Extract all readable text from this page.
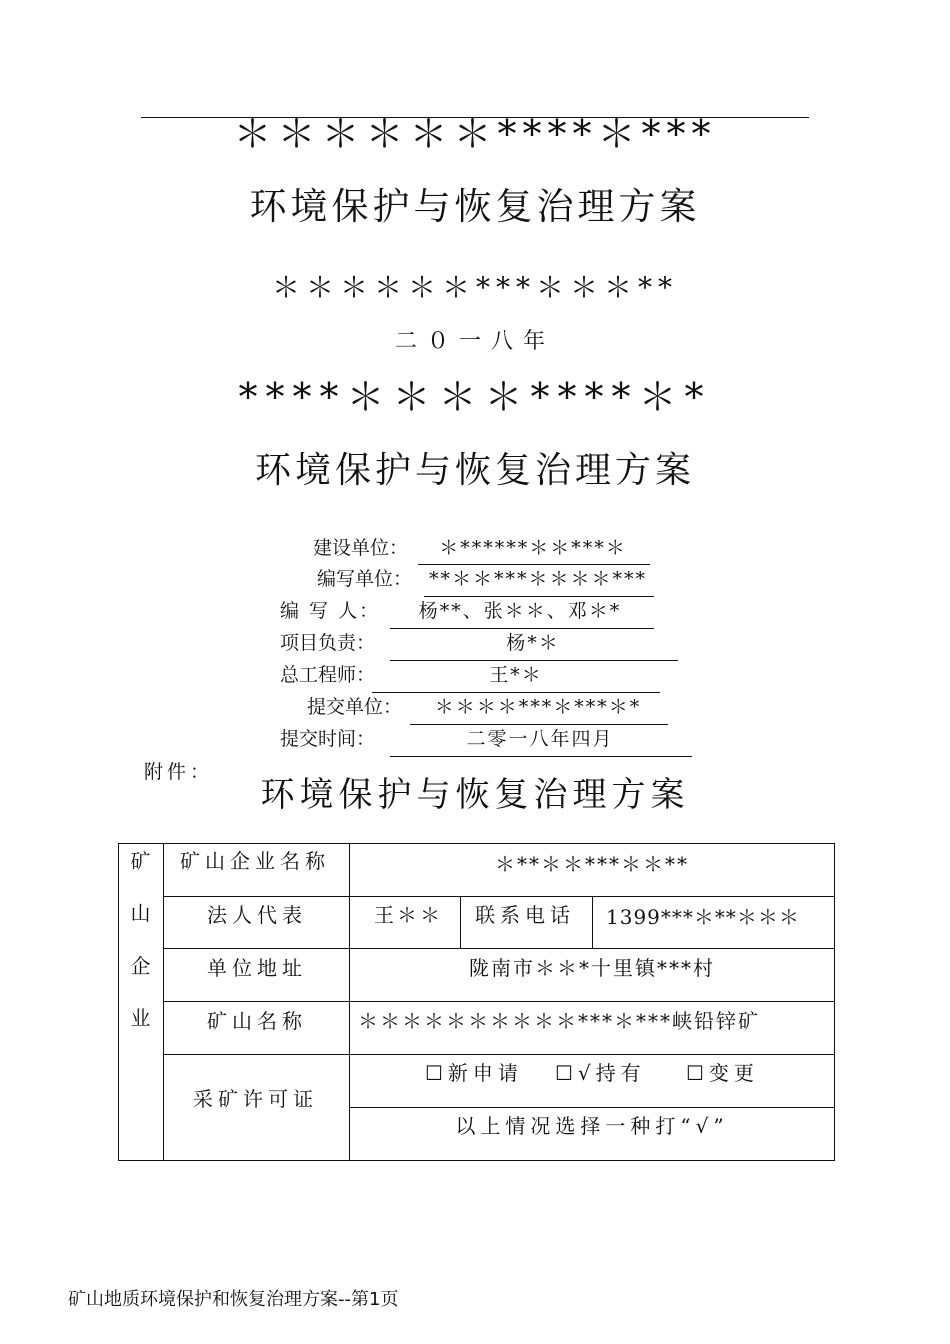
＊＊＊＊＊＊****＊***
环境保护与恢复治理方案
＊＊＊＊＊＊***＊＊＊**
二０一八年
****＊＊＊＊****＊*
环境保护与恢复治理方案
建设单位：	＊******＊＊***＊
编写单位： **＊＊***＊＊＊＊***
编 写 人：	杨**、张＊＊、邓＊*
项目负责：	杨*＊
总工程师：	王*＊
提交单位：	＊＊＊＊***＊***＊*
提交时间：	二零一八年四月
附件：
环境保护与恢复治理方案
矿
山
企
业
矿山企业名称	＊**＊＊***＊＊**
法人代表	王＊＊ 联系电话 1399***＊**＊＊＊
单位地址	陇南市＊＊*十里镇***村
矿山名称	＊＊＊＊＊＊＊＊＊＊***＊***峡铅锌矿
采矿许可证
☐新申请 ☐√持有 ☐变更
以上情况选择一种打“√”
矿山地质环境保护和恢复治理方案--第1页
